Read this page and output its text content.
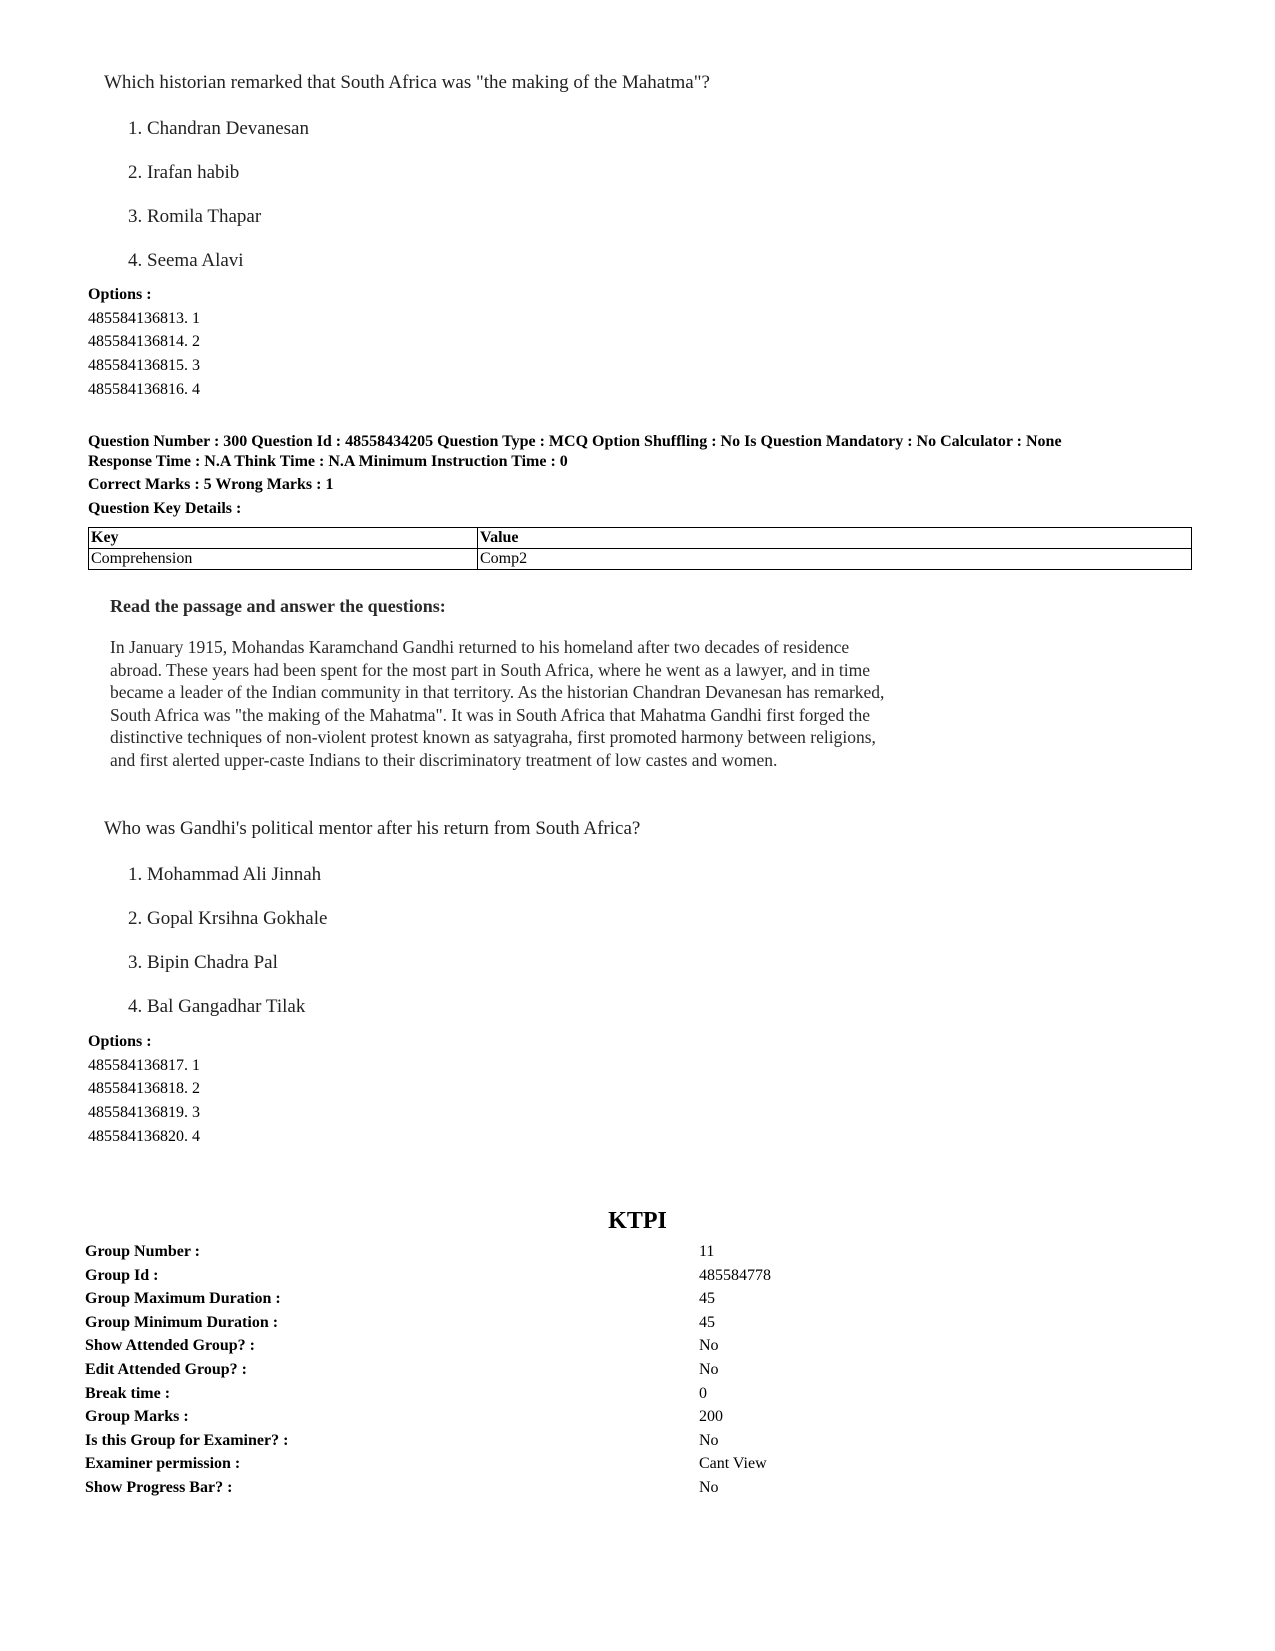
Which historian remarked that South Africa was "the making of the Mahatma"?
1. Chandran Devanesan
2. Irafan habib
3. Romila Thapar
4. Seema Alavi
Options :
485584136813. 1
485584136814. 2
485584136815. 3
485584136816. 4
Question Number : 300 Question Id : 48558434205 Question Type : MCQ Option Shuffling : No Is Question Mandatory : No Calculator : None
Response Time : N.A Think Time : N.A Minimum Instruction Time : 0
Correct Marks : 5 Wrong Marks : 1
Question Key Details :
Key	Value
Comprehension	Comp2
Read the passage and answer the questions:
In January 1915, Mohandas Karamchand Gandhi returned to his homeland after two decades of residence
abroad. These years had been spent for the most part in South Africa, where he went as a lawyer, and in time
became a leader of the Indian community in that territory. As the historian Chandran Devanesan has remarked,
South Africa was "the making of the Mahatma". It was in South Africa that Mahatma Gandhi first forged the
distinctive techniques of non-violent protest known as satyagraha, first promoted harmony between religions,
and first alerted upper-caste Indians to their discriminatory treatment of low castes and women.
Who was Gandhi's political mentor after his return from South Africa?
1. Mohammad Ali Jinnah
2. Gopal Krsihna Gokhale
3. Bipin Chadra Pal
4. Bal Gangadhar Tilak
Options :
485584136817. 1
485584136818. 2
485584136819. 3
485584136820. 4
KTPI
Group Number :	11
Group Id :	485584778
Group Maximum Duration :	45
Group Minimum Duration :	45
Show Attended Group? :	No
Edit Attended Group? :	No
Break time :	0
Group Marks :	200
Is this Group for Examiner? :	No
Examiner permission :	Cant View
Show Progress Bar? :	No
